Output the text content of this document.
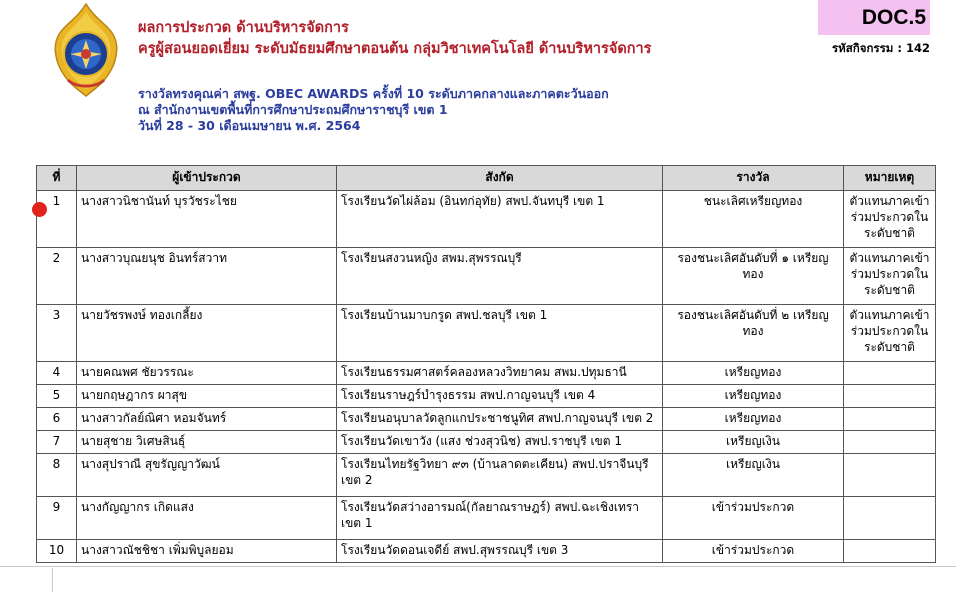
ผลการประกวด ด้านบริหารจัดการ
ครูผู้สอนยอดเยี่ยม ระดับมัธยมศึกษาตอนต้น กลุ่มวิชาเทคโนโลยี ด้านบริหารจัดการ
รางวัลทรงคุณค่า สพฐ. OBEC AWARDS ครั้งที่ 10 ระดับภาคกลางและภาคตะวันออก
ณ สำนักงานเขตพื้นที่การศึกษาประถมศึกษาราชบุรี เขต 1
วันที่ 28 - 30 เดือนเมษายน พ.ศ. 2564
DOC.5
รหัสกิจกรรม : 142
ที่	ผู้เข้าประกวด	สังกัด	รางวัล	หมายเหตุ
1	นางสาวนิชานันท์ บุรวัชระไชย	โรงเรียนวัดไผ่ล้อม (อินทก่อุทัย) สพป.จันทบุรี เขต 1	ชนะเลิศเหรียญทอง	ตัวแทนภาคเข้าร่วมประกวดในระดับชาติ
2	นางสาวบุณยนุช อินทร์สวาท	โรงเรียนสงวนหญิง สพม.สุพรรณบุรี	รองชนะเลิศอันดับที่ ๑ เหรียญทอง	ตัวแทนภาคเข้าร่วมประกวดในระดับชาติ
3	นายวัชรพงษ์ ทองเกลี้ยง	โรงเรียนบ้านมาบกรูด สพป.ชลบุรี เขต 1	รองชนะเลิศอันดับที่ ๒ เหรียญทอง	ตัวแทนภาคเข้าร่วมประกวดในระดับชาติ
4	นายคณพศ ชัยวรรณะ	โรงเรียนธรรมศาสตร์คลองหลวงวิทยาคม สพม.ปทุมธานี	เหรียญทอง	
5	นายกฤษฎากร ผาสุข	โรงเรียนราษฎร์บำรุงธรรม สพป.กาญจนบุรี เขต 4	เหรียญทอง	
6	นางสาวกัลย์ณิศา หอมจันทร์	โรงเรียนอนุบาลวัดลูกแกประชาชนูทิศ สพป.กาญจนบุรี เขต 2	เหรียญทอง	
7	นายสุชาย วิเศษสินธุ์	โรงเรียนวัดเขาวัง (แสง ช่วงสุวนิช) สพป.ราชบุรี เขต 1	เหรียญเงิน	
8	นางสุปราณี สุขรัญญาวัฒน์	โรงเรียนไทยรัฐวิทยา ๙๓ (บ้านลาดตะเคียน) สพป.ปราจีนบุรี เขต 2	เหรียญเงิน	
9	นางกัญญากร เกิดแสง	โรงเรียนวัดสว่างอารมณ์(กัลยาณราษฎร์) สพป.ฉะเชิงเทรา เขต 1	เข้าร่วมประกวด	
10	นางสาวณัชชิชา เพิ่มพิบูลยอม	โรงเรียนวัดดอนเจดีย์ สพป.สุพรรณบุรี เขต 3	เข้าร่วมประกวด	
